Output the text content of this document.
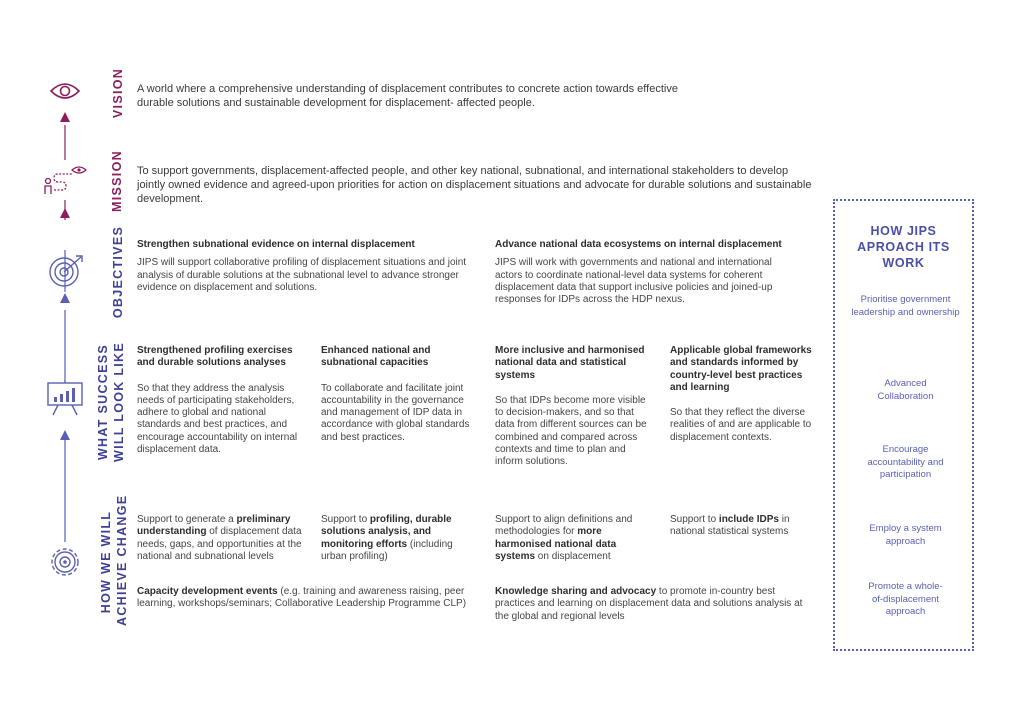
VISION
MISSION
OBJECTIVES
WHAT SUCCESS WILL LOOK LIKE
HOW WE WILL ACHIEVE CHANGE
A world where a comprehensive understanding of displacement contributes to concrete action towards effective durable solutions and sustainable development for displacement- affected people.
To support governments, displacement-affected people, and other key national, subnational, and international stakeholders to develop jointly owned evidence and agreed-upon priorities for action on displacement situations and advocate for durable solutions and sustainable development.
Strengthen subnational evidence on internal displacement
JIPS will support collaborative profiling of displacement situations and joint analysis of durable solutions at the subnational level to advance stronger evidence on displacement and solutions.
Advance national data ecosystems on internal displacement
JIPS will work with governments and national and international actors to coordinate national-level data systems for coherent displacement data that support inclusive policies and joined-up responses for IDPs across the HDP nexus.
Strengthened profiling exercises and durable solutions analyses
So that they address the analysis needs of participating stakeholders, adhere to global and national standards and best practices, and encourage accountability on internal displacement data.
Enhanced national and subnational capacities
To collaborate and facilitate joint accountability in the governance and management of IDP data in accordance with global standards and best practices.
More inclusive and harmonised national data and statistical systems
So that IDPs become more visible to decision-makers, and so that data from different sources can be combined and compared across contexts and time to plan and inform solutions.
Applicable global frameworks and standards informed by country-level best practices and learning
So that they reflect the diverse realities of and are applicable to displacement contexts.
Support to generate a preliminary understanding of displacement data needs, gaps, and opportunities at the national and subnational levels
Support to profiling, durable solutions analysis, and monitoring efforts (including urban profiling)
Support to align definitions and methodologies for more harmonised national data systems on displacement
Support to include IDPs in national statistical systems
Capacity development events (e.g. training and awareness raising, peer learning, workshops/seminars; Collaborative Leadership Programme CLP)
Knowledge sharing and advocacy to promote in-country best practices and learning on displacement data and solutions analysis at the global and regional levels
HOW JIPS
APROACH ITS
WORK
Prioritise government leadership and ownership
Advanced Collaboration
Encourage accountability and participation
Employ a system approach
Promote a whole-of-displacement approach
